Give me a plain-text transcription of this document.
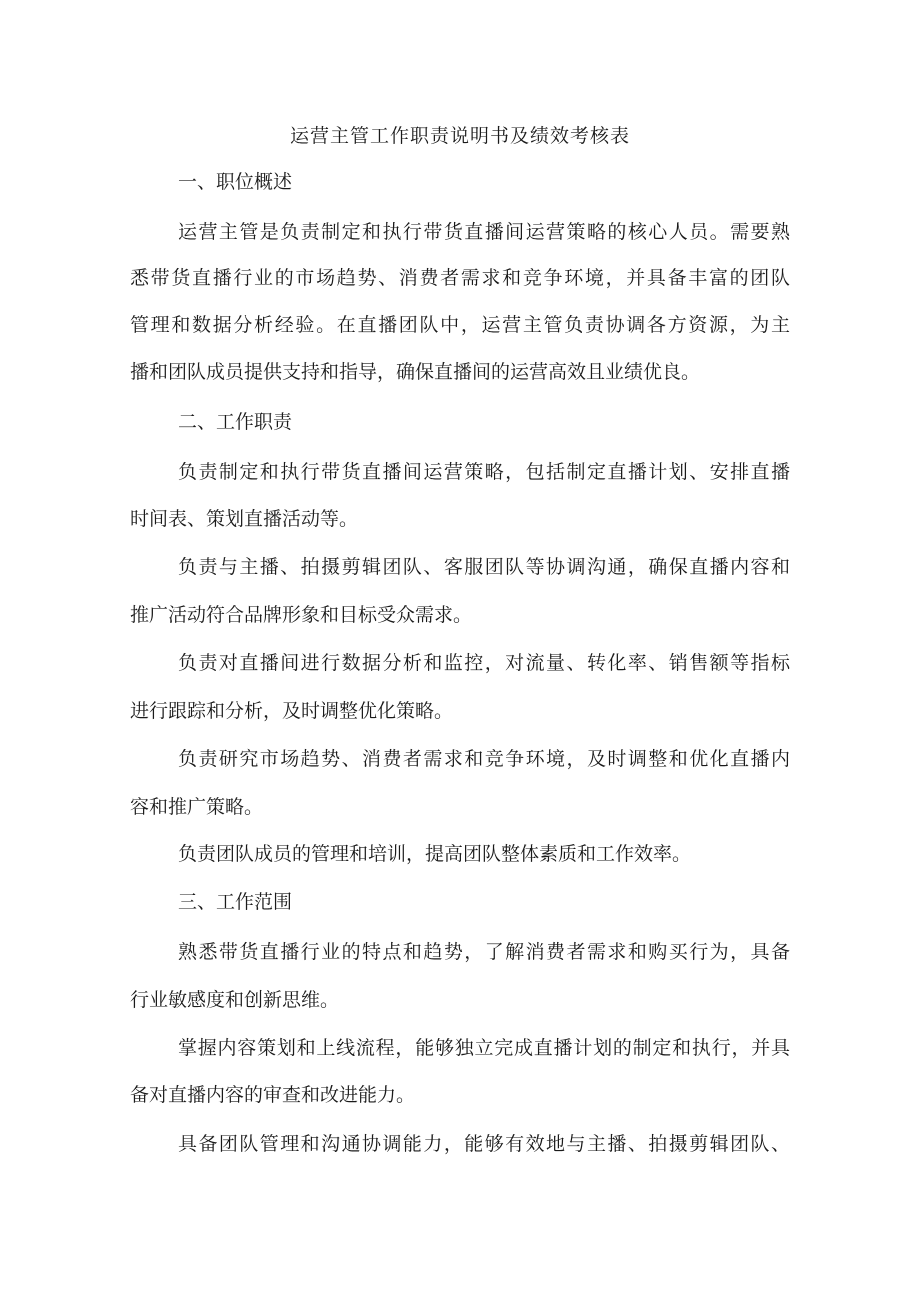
运营主管工作职责说明书及绩效考核表

一、职位概述

运营主管是负责制定和执行带货直播间运营策略的核心人员。需要熟

悉带货直播行业的市场趋势、消费者需求和竞争环境，并具备丰富的团队

管理和数据分析经验。在直播团队中，运营主管负责协调各方资源，为主

播和团队成员提供支持和指导，确保直播间的运营高效且业绩优良。

二、工作职责

负责制定和执行带货直播间运营策略，包括制定直播计划、安排直播

时间表、策划直播活动等。

负责与主播、拍摄剪辑团队、客服团队等协调沟通，确保直播内容和

推广活动符合品牌形象和目标受众需求。

负责对直播间进行数据分析和监控，对流量、转化率、销售额等指标

进行跟踪和分析，及时调整优化策略。

负责研究市场趋势、消费者需求和竞争环境，及时调整和优化直播内

容和推广策略。

负责团队成员的管理和培训，提高团队整体素质和工作效率。

三、工作范围

熟悉带货直播行业的特点和趋势，了解消费者需求和购买行为，具备

行业敏感度和创新思维。

掌握内容策划和上线流程，能够独立完成直播计划的制定和执行，并具

备对直播内容的审查和改进能力。

具备团队管理和沟通协调能力，能够有效地与主播、拍摄剪辑团队、
